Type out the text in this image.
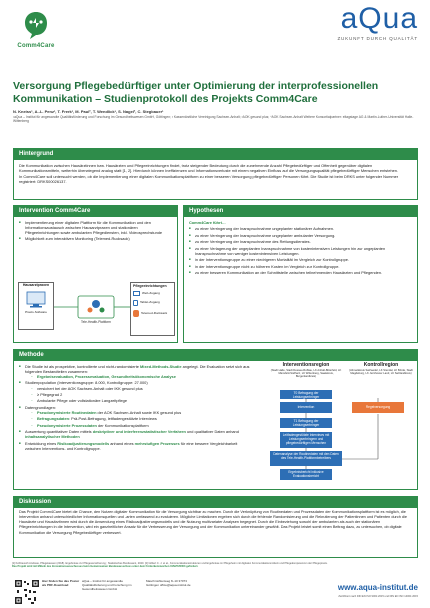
Comm4Care
aQua
ZUKUNFT DURCH QUALITÄT
Versorgung Pflegebedürftiger unter Optimierung der interprofessionellen Kommunikation – Studienprotokoll des Projekts Comm4Care
N. Kneiss¹, A.-L. Penz¹, T. Frerk¹, M. Paul², T. Wendlick³, S. Nagel², C. Stegbauer¹
¹aQua – Institut für angewandte Qualitätsförderung und Forschung im Gesundheitswesen GmbH, Göttingen; ² Kassenärztliche Vereinigung Sachsen-Anhalt; ³AOK gesund plus; ⁴AOK Sachsen-Anhalt Weitere Konsortialpartner: eltagstage AG & Martin-Luther-Universität Halle-Wittenberg
Hintergrund

Die Kommunikation zwischen Hausärztinnen bzw. Hausärzten und Pflegeeinrichtungen findet, trotz steigender Bedeutung durch die zunehmende Anzahl Pflegebedürftiger und Offenheit gegenüber digitalen Kommunikationsmitteln, weiterhin überwiegend analog statt [1, 2]. Hierdurch können Ineffizienzen und Informationsverluste mit einem negativen Einfluss auf die Versorgungsqualität pflegebedürftiger Menschen entstehen.

In Comm4Care soll untersucht werden, ob die Implementierung einer digitalen Kommunikationsplattform zu einer besseren Versorgung pflegebedürftiger Personen führt. Die Studie ist beim DRKS unter folgender Nummer registriert: DRKS00026137.

Intervention Comm4Care
■ Implementierung einer digitalen Plattform für die Kommunikation und den Informationsaustausch zwischen Hausarztpraxen und stationären Pflegeeinrichtungen sowie ambulanten Pflegediensten, inkl. Videosprechstunde
■ Möglichkeit zum interaktiven Monitoring (Telemed-Rucksack)
Hausarztpraxen
Praxis-Software
Tele-Health-Plattform
Pflegeeinrichtungen
Web-Zugang
Tablet-Zugang
Telemed-Rucksack
Hypothesen
Comm4Care führt…
■ zu einer Verringerung der Inanspruchnahme ungeplanter stationärer Aufnahmen.
■ zu einer Verringerung der Inanspruchnahme ungeplanter ambulanter Versorgung.
■ zu einer Verringerung der Inanspruchnahme des Rettungsdienstes.
■ zu einer Verlagerung der ungeplanten Inanspruchnahme von kostenintensiven Leistungen hin zur ungeplanten Inanspruchnahme von weniger kostenintensiven Leistungen.
■ in der Interventionsgruppe zu einer niedrigeren Mortalität im Vergleich zur Kontrollgruppe.
■ in der Interventionsgruppe nicht zu höheren Kosten im Vergleich zur Kontrollgruppe.
■ zu einer besseren Kommunikation an der Schnittstelle zwischen teilnehmenden Hausärzten und Pflegenden.
Methode
■ Die Studie ist als prospektive, kontrollierte und nicht-randomisierte Mixed-Methods-Studie angelegt. Die Evaluation setzt sich aus folgenden Bestandteilen zusammen:
– Ergebnisevaluation, Prozessevaluation, Gesundheitsökonomische Analyse
■ Studienpopulation (Interventionsgruppe: 8.000, Kontrollgruppe: 27.000)
– versichert bei der AOK Sachsen-Anhalt oder IKK gesund plus
– ≥ Pflegegrad 2
– Ambulante Pflege oder vollstationäre Langzeitpflege
■ Datengrundlagen:
– Pseudonymisierte Routinedaten der AOK Sachsen-Anhalt sowie IKK gesund plus
– Befragungsdaten: Prä-Post-Befragung, leitfadengestützte Interviews
– Pseudonymisierte Prozessdaten der Kommunikationsplattform
■ Auswertung quantitativer Daten mittels deskriptiver und interferenzstatistischer Verfahren und qualitativer Daten anhand inhaltsanalytischer Methoden
■ Entwicklung eines Risikoadjustierungsmodells anhand eines mehrstufigen Prozesses für eine bessere Vergleichbarkeit zwischen Interventions- und Kontrollgruppe.
Interventionsregion
(Stadt Halle, Stadt Dessau-Roßlau, LK Anhalt-Bitterfeld, LK Mansfeld-Südharz, LK Wittenberg, Saalekreis, Burgenlandkreis)
Kontrollregion
(Altmarkkreis Salzwedel, LK Stendal, LK Börde, Stadt Magdeburg, LK Jerichower Land, LK Salzlandkreis)
T0 Befragung der Leistungserbringer
Intervention	Regelversorgung
T1 Befragung der Leistungserbringer
Leitfadengestützte Interviews mit Leistungserbringern und pflegebedürftigen Menschen
Datenanalyse der Routinedaten mit den Daten des Tele-Health-Plattformbetreibers
Ergebnisbericht inklusive Evaluationsbericht
Diskussion
Das Projekt Comm4Care bietet die Chance, den Nutzen digitaler Kommunikation für die Versorgung sichtbar zu machen. Durch die Verknüpfung von Routinedaten und Prozessdaten der Kommunikationsplattform ist es möglich, die Intervention anhand unterschiedlicher Informationsquellen und -arten umfassend zu evaluieren. Mögliche Limitationen ergeben sich durch die fehlende Randomisierung und die Rekrutierung der Patientinnen und Patienten durch die Hausärzte und Hausärztinnen wird durch die Anwendung eines Risikoadjustierungsmodells und die Nutzung multivariater Analysen begegnet. Durch die Einbeziehung sowohl der ambulanten als auch der stationären Pflegeeinrichtungen in die Intervention, wird ein ganzheitlicher Ansatz für die Verbesserung der Versorgung und der Kommunikation untereinander gewählt. Das Projekt leistet somit einen Beitrag dazu, zu untersuchen, ob digitale Kommunikation die Versorgung Pflegebedürftiger verbessert.
[1] Kohlrausch Andreas, Pflegekassen (2018). Ergebnisse zur Pflegeversicherung ; Statistisches Bundesamt, 2020. [2] Gilbert C. J. et al., Kommunikationsstrukturen und Ergebnisse im Pflegeheim mit digitalen Kommunikationsmitteln und Pflegekompetenzen der Pflegepraxis.
Das Projekt wird mit Mitteln des Innovationsausschusses beim Gemeinsamen Bundesausschuss unter dem Förderkennzeichen 01NVF20003 gefördert.
Hier finden Sie das Poster als PDF-Download
aQua – Institut für angewandte Qualitätsförderung und Forschung im Gesundheitswesen GmbH
Maschmühlenweg 8–10 37073 Göttingen office@aqua-institut.de	www.aqua-institut.de
Zertifiziert nach DIN EN ISO 9001:2015 und DIN EN ISO 14001:2015
